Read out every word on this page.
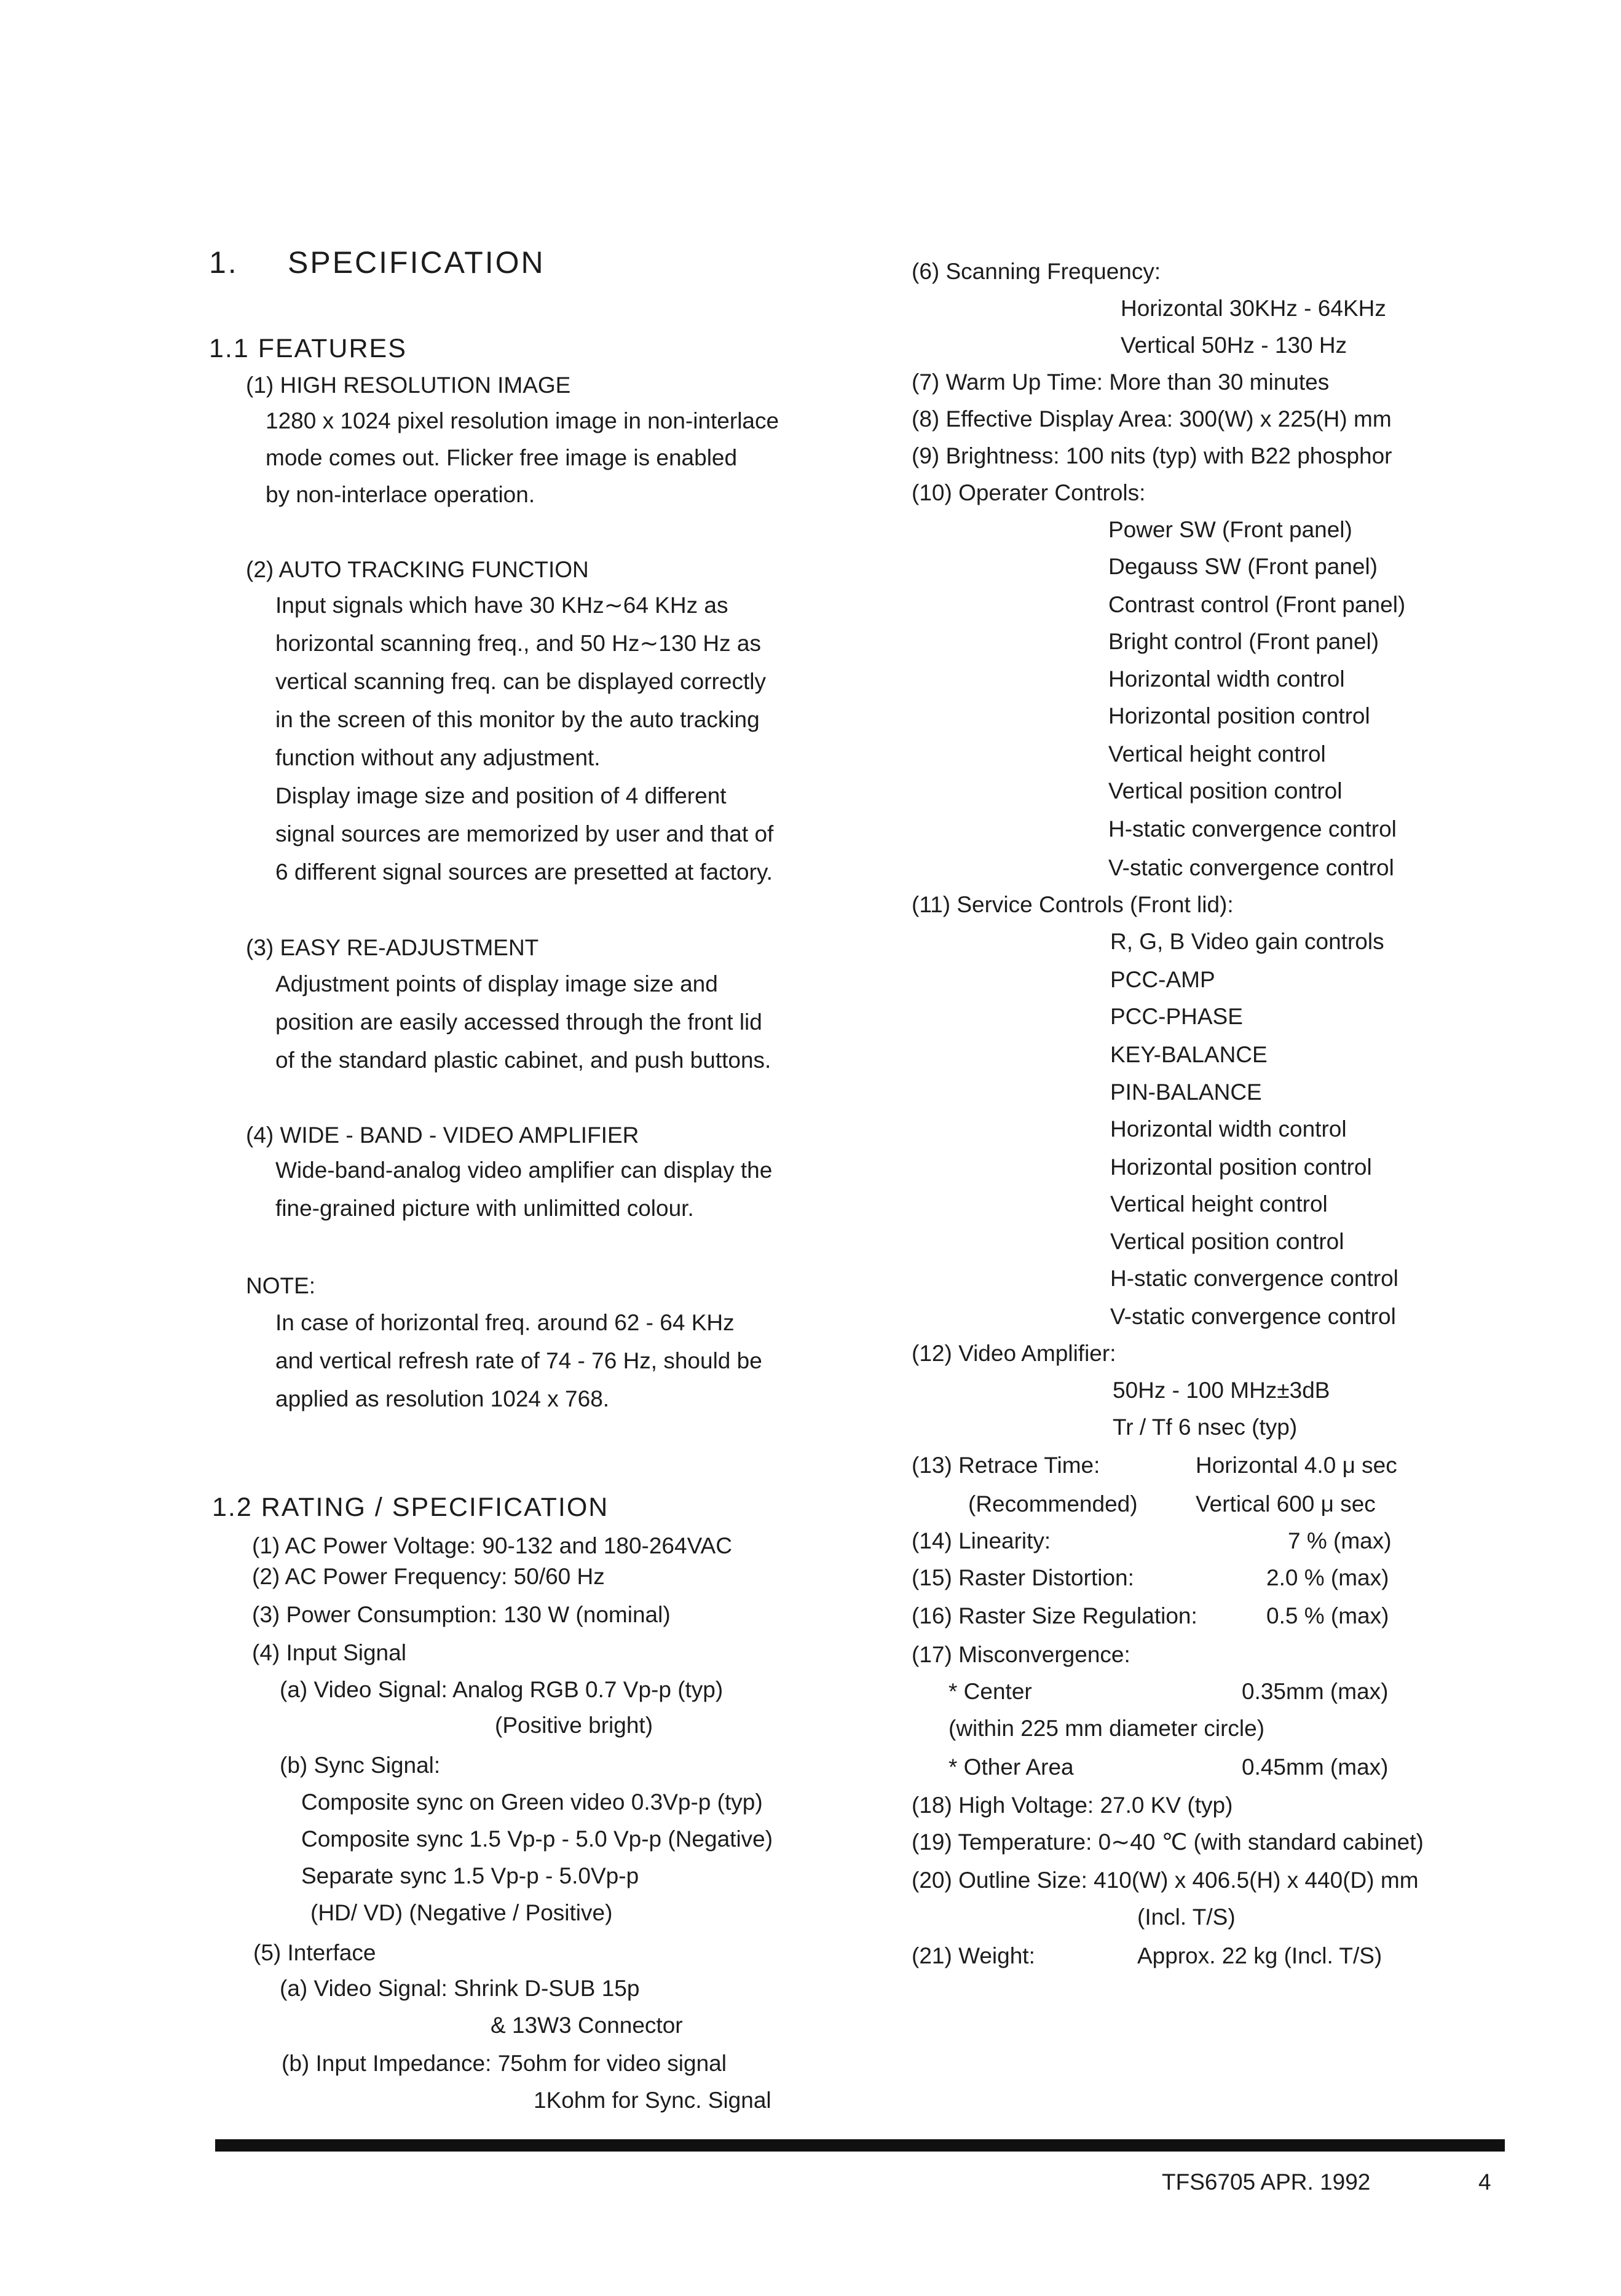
1. SPECIFICATION
1.1 FEATURES
(1) HIGH RESOLUTION IMAGE
1280 x 1024 pixel resolution image in non-interlace
mode comes out. Flicker free image is enabled
by non-interlace operation.
(2) AUTO TRACKING FUNCTION
Input signals which have 30 KHz∼64 KHz as
horizontal scanning freq., and 50 Hz∼130 Hz as
vertical scanning freq. can be displayed correctly
in the screen of this monitor by the auto tracking
function without any adjustment.
Display image size and position of 4 different
signal sources are memorized by user and that of
6 different signal sources are presetted at factory.
(3) EASY RE-ADJUSTMENT
Adjustment points of display image size and
position are easily accessed through the front lid
of the standard plastic cabinet, and push buttons.
(4) WIDE - BAND - VIDEO AMPLIFIER
Wide-band-analog video amplifier can display the
fine-grained picture with unlimitted colour.
NOTE:
In case of horizontal freq. around 62 - 64 KHz
and vertical refresh rate of 74 - 76 Hz, should be
applied as resolution 1024 x 768.
1.2 RATING / SPECIFICATION
(1) AC Power Voltage: 90-132 and 180-264VAC
(2) AC Power Frequency: 50/60 Hz
(3) Power Consumption: 130 W (nominal)
(4) Input Signal
(a) Video Signal: Analog RGB 0.7 Vp-p (typ)
(Positive bright)
(b) Sync Signal:
Composite sync on Green video 0.3Vp-p (typ)
Composite sync 1.5 Vp-p - 5.0 Vp-p (Negative)
Separate sync 1.5 Vp-p - 5.0Vp-p
(HD/ VD) (Negative / Positive)
(5) Interface
(a) Video Signal: Shrink D-SUB 15p
& 13W3 Connector
(b) Input Impedance: 75ohm for video signal
1Kohm for Sync. Signal
(6) Scanning Frequency:
Horizontal 30KHz - 64KHz
Vertical 50Hz - 130 Hz
(7) Warm Up Time: More than 30 minutes
(8) Effective Display Area: 300(W) x 225(H) mm
(9) Brightness: 100 nits (typ) with B22 phosphor
(10) Operater Controls:
Power SW (Front panel)
Degauss SW (Front panel)
Contrast control (Front panel)
Bright control (Front panel)
Horizontal width control
Horizontal position control
Vertical height control
Vertical position control
H-static convergence control
V-static convergence control
(11) Service Controls (Front lid):
R, G, B Video gain controls
PCC-AMP
PCC-PHASE
KEY-BALANCE
PIN-BALANCE
Horizontal width control
Horizontal position control
Vertical height control
Vertical position control
H-static convergence control
V-static convergence control
(12) Video Amplifier:
50Hz - 100 MHz±3dB
Tr / Tf 6 nsec (typ)
(13) Retrace Time:	Horizontal 4.0 μ sec
(Recommended)	Vertical 600 μ sec
(14) Linearity:	7 % (max)
(15) Raster Distortion:	2.0 % (max)
(16) Raster Size Regulation:	0.5 % (max)
(17) Misconvergence:
* Center	0.35mm (max)
(within 225 mm diameter circle)
* Other Area	0.45mm (max)
(18) High Voltage: 27.0 KV (typ)
(19) Temperature: 0∼40 ℃ (with standard cabinet)
(20) Outline Size: 410(W) x 406.5(H) x 440(D) mm
(Incl. T/S)
(21) Weight:	Approx. 22 kg (Incl. T/S)
TFS6705 APR. 1992	4
